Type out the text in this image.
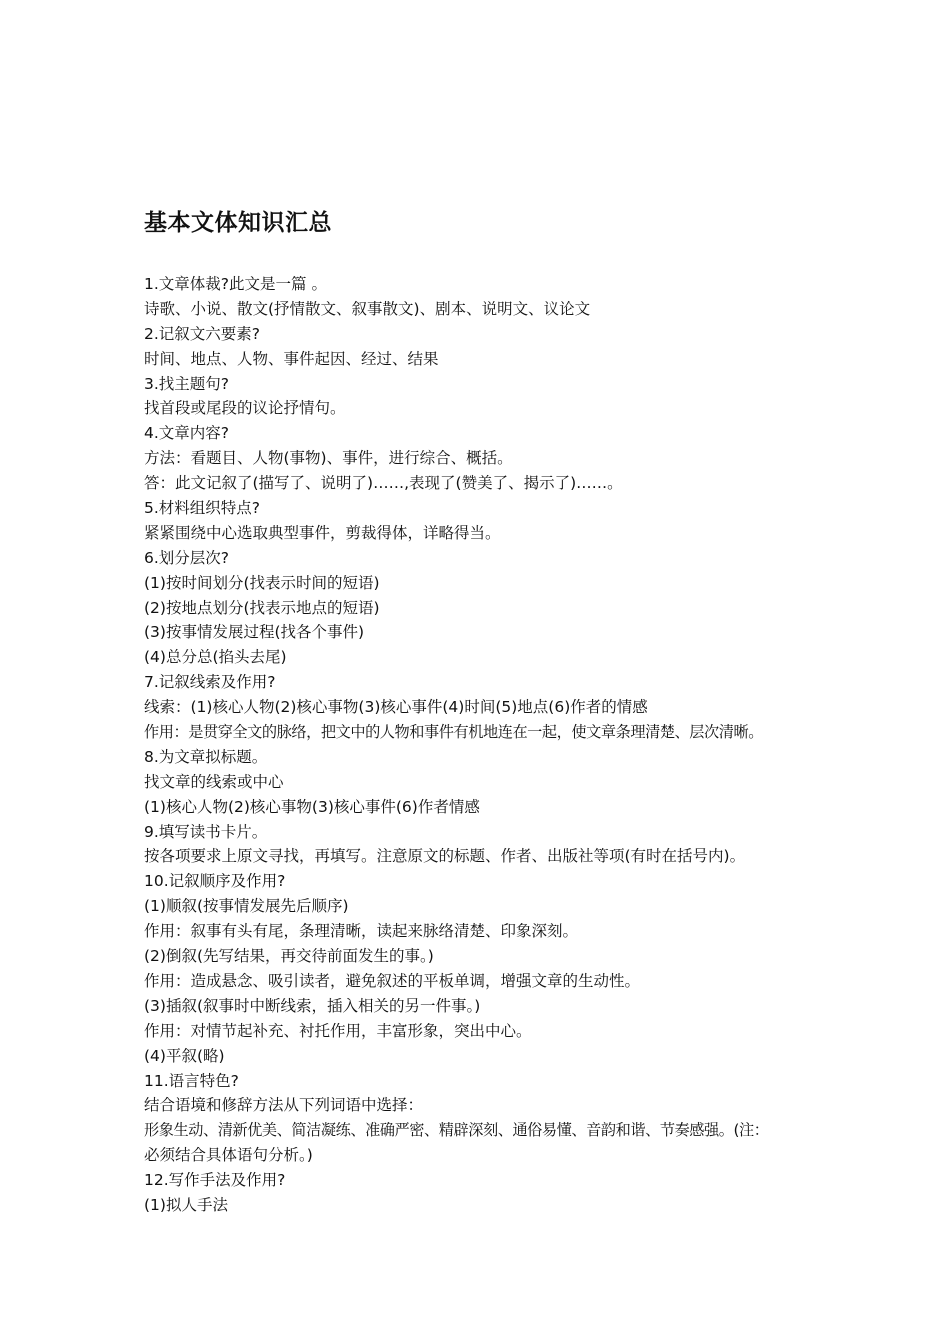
基本文体知识汇总
1.文章体裁?此文是一篇 。
诗歌、小说、散文(抒情散文、叙事散文)、剧本、说明文、议论文
2.记叙文六要素?
时间、地点、人物、事件起因、经过、结果
3.找主题句?
找首段或尾段的议论抒情句。
4.文章内容?
方法：看题目、人物(事物)、事件，进行综合、概括。
答：此文记叙了(描写了、说明了)……,表现了(赞美了、揭示了)……。
5.材料组织特点?
紧紧围绕中心选取典型事件，剪裁得体，详略得当。
6.划分层次?
(1)按时间划分(找表示时间的短语)
(2)按地点划分(找表示地点的短语)
(3)按事情发展过程(找各个事件)
(4)总分总(掐头去尾)
7.记叙线索及作用?
线索：(1)核心人物(2)核心事物(3)核心事件(4)时间(5)地点(6)作者的情感
作用：是贯穿全文的脉络，把文中的人物和事件有机地连在一起，使文章条理清楚、层次清晰。
8.为文章拟标题。
找文章的线索或中心
(1)核心人物(2)核心事物(3)核心事件(6)作者情感
9.填写读书卡片。
按各项要求上原文寻找，再填写。注意原文的标题、作者、出版社等项(有时在括号内)。
10.记叙顺序及作用?
(1)顺叙(按事情发展先后顺序)
作用：叙事有头有尾，条理清晰，读起来脉络清楚、印象深刻。
(2)倒叙(先写结果，再交待前面发生的事。)
作用：造成悬念、吸引读者，避免叙述的平板单调，增强文章的生动性。
(3)插叙(叙事时中断线索，插入相关的另一件事。)
作用：对情节起补充、衬托作用，丰富形象，突出中心。
(4)平叙(略)
11.语言特色?
结合语境和修辞方法从下列词语中选择：
形象生动、清新优美、简洁凝练、准确严密、精辟深刻、通俗易懂、音韵和谐、节奏感强。(注：
必须结合具体语句分析。)
12.写作手法及作用?
(1)拟人手法
